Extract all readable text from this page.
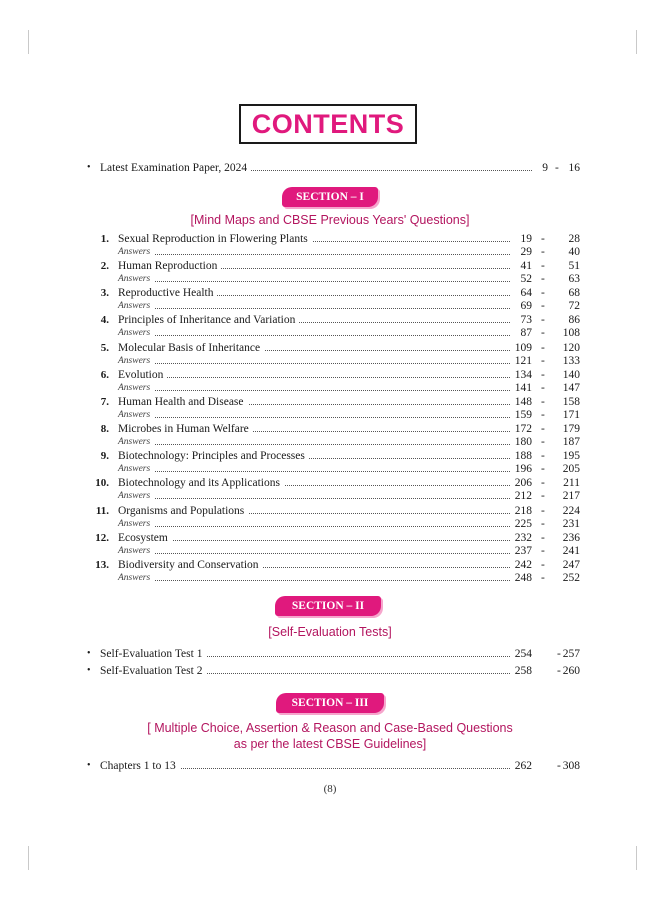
CONTENTS
• Latest Examination Paper, 2024	9 - 16
SECTION – I
[Mind Maps and CBSE Previous Years' Questions]
1. Sexual Reproduction in Flowering Plants	19 - 28
Answers	29 - 40
2. Human Reproduction	41 - 51
Answers	52 - 63
3. Reproductive Health	64 - 68
Answers	69 - 72
4. Principles of Inheritance and Variation	73 - 86
Answers	87 - 108
5. Molecular Basis of Inheritance	109 - 120
Answers	121 - 133
6. Evolution	134 - 140
Answers	141 - 147
7. Human Health and Disease	148 - 158
Answers	159 - 171
8. Microbes in Human Welfare	172 - 179
Answers	180 - 187
9. Biotechnology: Principles and Processes	188 - 195
Answers	196 - 205
10. Biotechnology and its Applications	206 - 211
Answers	212 - 217
11. Organisms and Populations	218 - 224
Answers	225 - 231
12. Ecosystem	232 - 236
Answers	237 - 241
13. Biodiversity and Conservation	242 - 247
Answers	248 - 252
SECTION – II
[Self-Evaluation Tests]
• Self-Evaluation Test 1	254 - 257
• Self-Evaluation Test 2	258 - 260
SECTION – III
[ Multiple Choice, Assertion & Reason and Case-Based Questions
as per the latest CBSE Guidelines]
• Chapters 1 to 13	262 - 308
(8)
